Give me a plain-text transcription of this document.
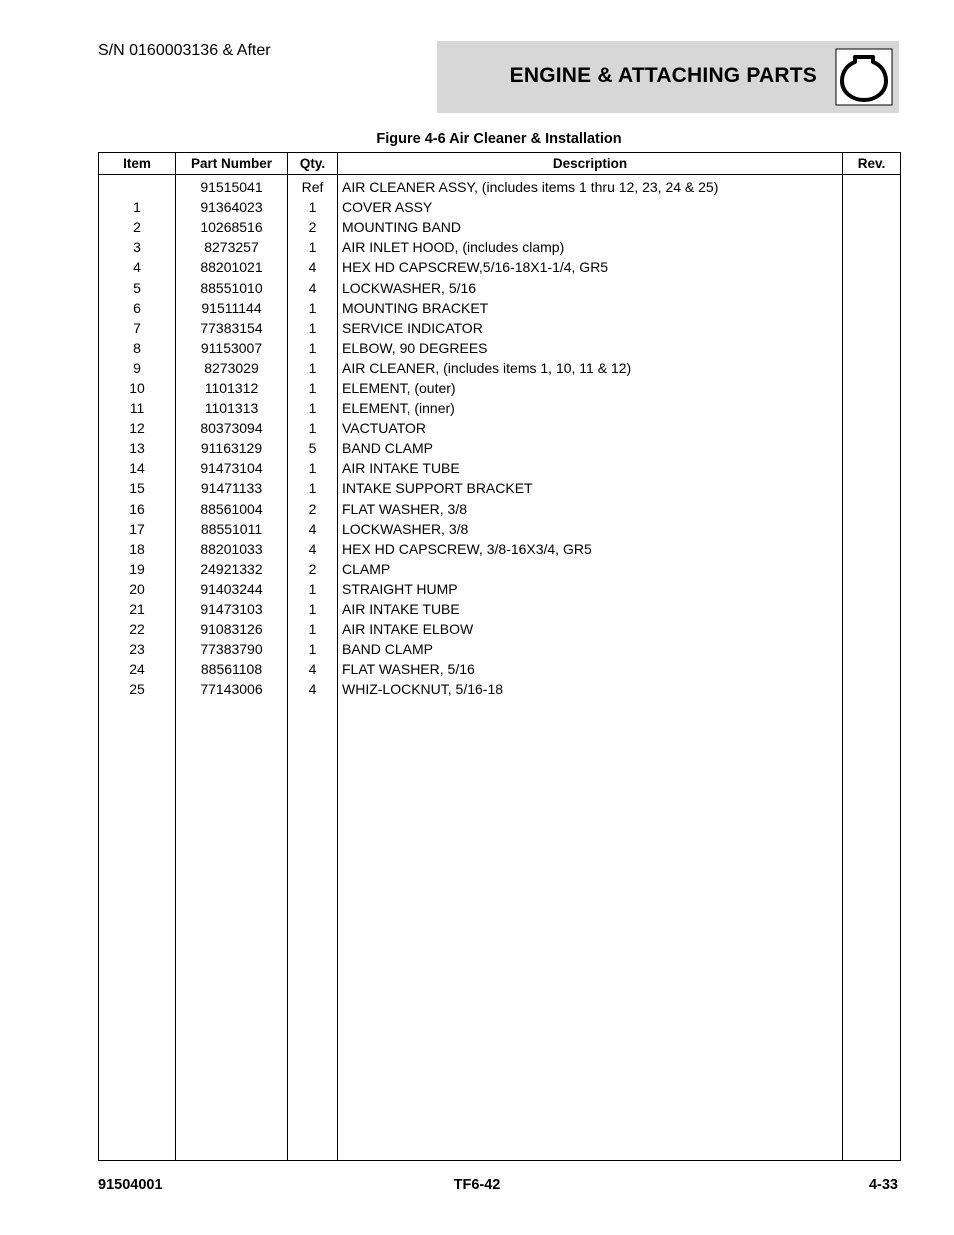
S/N 0160003136 & After
ENGINE & ATTACHING PARTS
Figure 4-6 Air Cleaner & Installation
Item	Part Number	Qty.	Description	Rev.
	91515041	Ref	AIR CLEANER ASSY, (includes items 1 thru 12, 23, 24 & 25)	
1	91364023	1	COVER ASSY	
2	10268516	2	MOUNTING BAND	
3	8273257	1	AIR INLET HOOD, (includes clamp)	
4	88201021	4	HEX HD CAPSCREW,5/16-18X1-1/4, GR5	
5	88551010	4	LOCKWASHER, 5/16	
6	91511144	1	MOUNTING BRACKET	
7	77383154	1	SERVICE INDICATOR	
8	91153007	1	ELBOW, 90 DEGREES	
9	8273029	1	AIR CLEANER, (includes items 1, 10, 11 & 12)	
10	1101312	1	ELEMENT, (outer)	
11	1101313	1	ELEMENT, (inner)	
12	80373094	1	VACTUATOR	
13	91163129	5	BAND CLAMP	
14	91473104	1	AIR INTAKE TUBE	
15	91471133	1	INTAKE SUPPORT BRACKET	
16	88561004	2	FLAT WASHER, 3/8	
17	88551011	4	LOCKWASHER, 3/8	
18	88201033	4	HEX HD CAPSCREW, 3/8-16X3/4, GR5	
19	24921332	2	CLAMP	
20	91403244	1	STRAIGHT HUMP	
21	91473103	1	AIR INTAKE TUBE	
22	91083126	1	AIR INTAKE ELBOW	
23	77383790	1	BAND CLAMP	
24	88561108	4	FLAT WASHER, 5/16	
25	77143006	4	WHIZ-LOCKNUT, 5/16-18	

91504001	TF6-42	4-33
